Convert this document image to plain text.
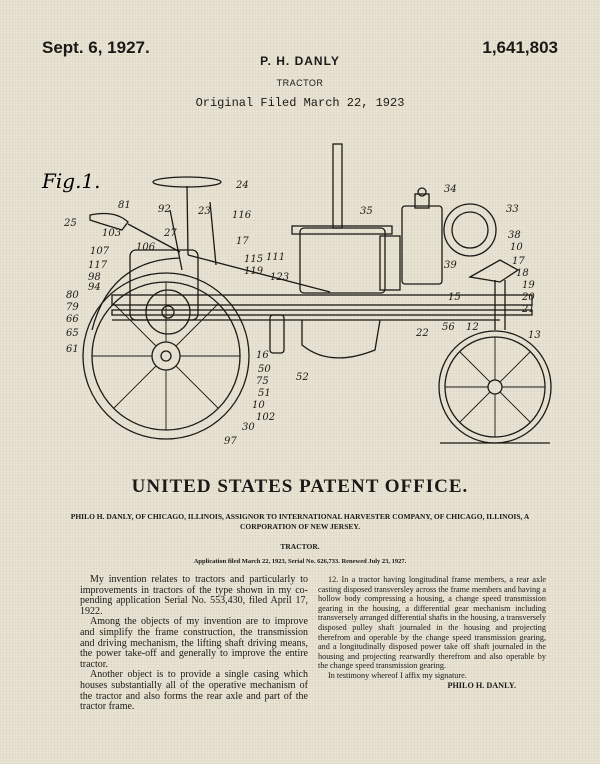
Sept. 6, 1927.	1,641,803
P. H. DANLY
TRACTOR
Original Filed March 22, 1923
Fig.1.	24
81	92
25
103	27
23 116
106
107
117
98
94
80
79
66
65
61
17
111
115
119
123
35
34
33
39
38
10
17
18
19
20
21
13
15
22
56 12
16
52
50
75
51
10
102
30
97
UNITED STATES PATENT OFFICE.
PHILO H. DANLY, OF CHICAGO, ILLINOIS, ASSIGNOR TO INTERNATIONAL HARVESTER COMPANY, OF CHICAGO, ILLINOIS, A CORPORATION OF NEW JERSEY.
TRACTOR.
Application filed March 22, 1923, Serial No. 626,733. Renewed July 23, 1927.

My invention relates to tractors and particularly to improvements in tractors of the type shown in my co-pending application Serial No. 553,430, filed April 17, 1922.

Among the objects of my invention are to improve and simplify the frame construction, the transmission and driving mechanism, the lifting shaft driving means, the power take-off and generally to improve the entire tractor.

Another object is to provide a single casing which houses substantially all of the operative mechanism of the tractor and also forms the rear axle and part of the tractor frame.

12. In a tractor having longitudinal frame members, a rear axle casting disposed transversley across the frame members and having a hollow body compressing a housing, a change speed transmission gearing in the housing, a differential gear mechanism including transversely arranged differential shafts in the housing, a transversely disposed pulley shaft journaled in the housing and projecting therefrom and operable by the change speed transmission gearing, and a longitudinally disposed power take off shaft journaled in the housing and projecting rearwardly therefrom and also operable by the change speed transmission gearing.

In testimony whereof I affix my signature.

PHILO H. DANLY.
